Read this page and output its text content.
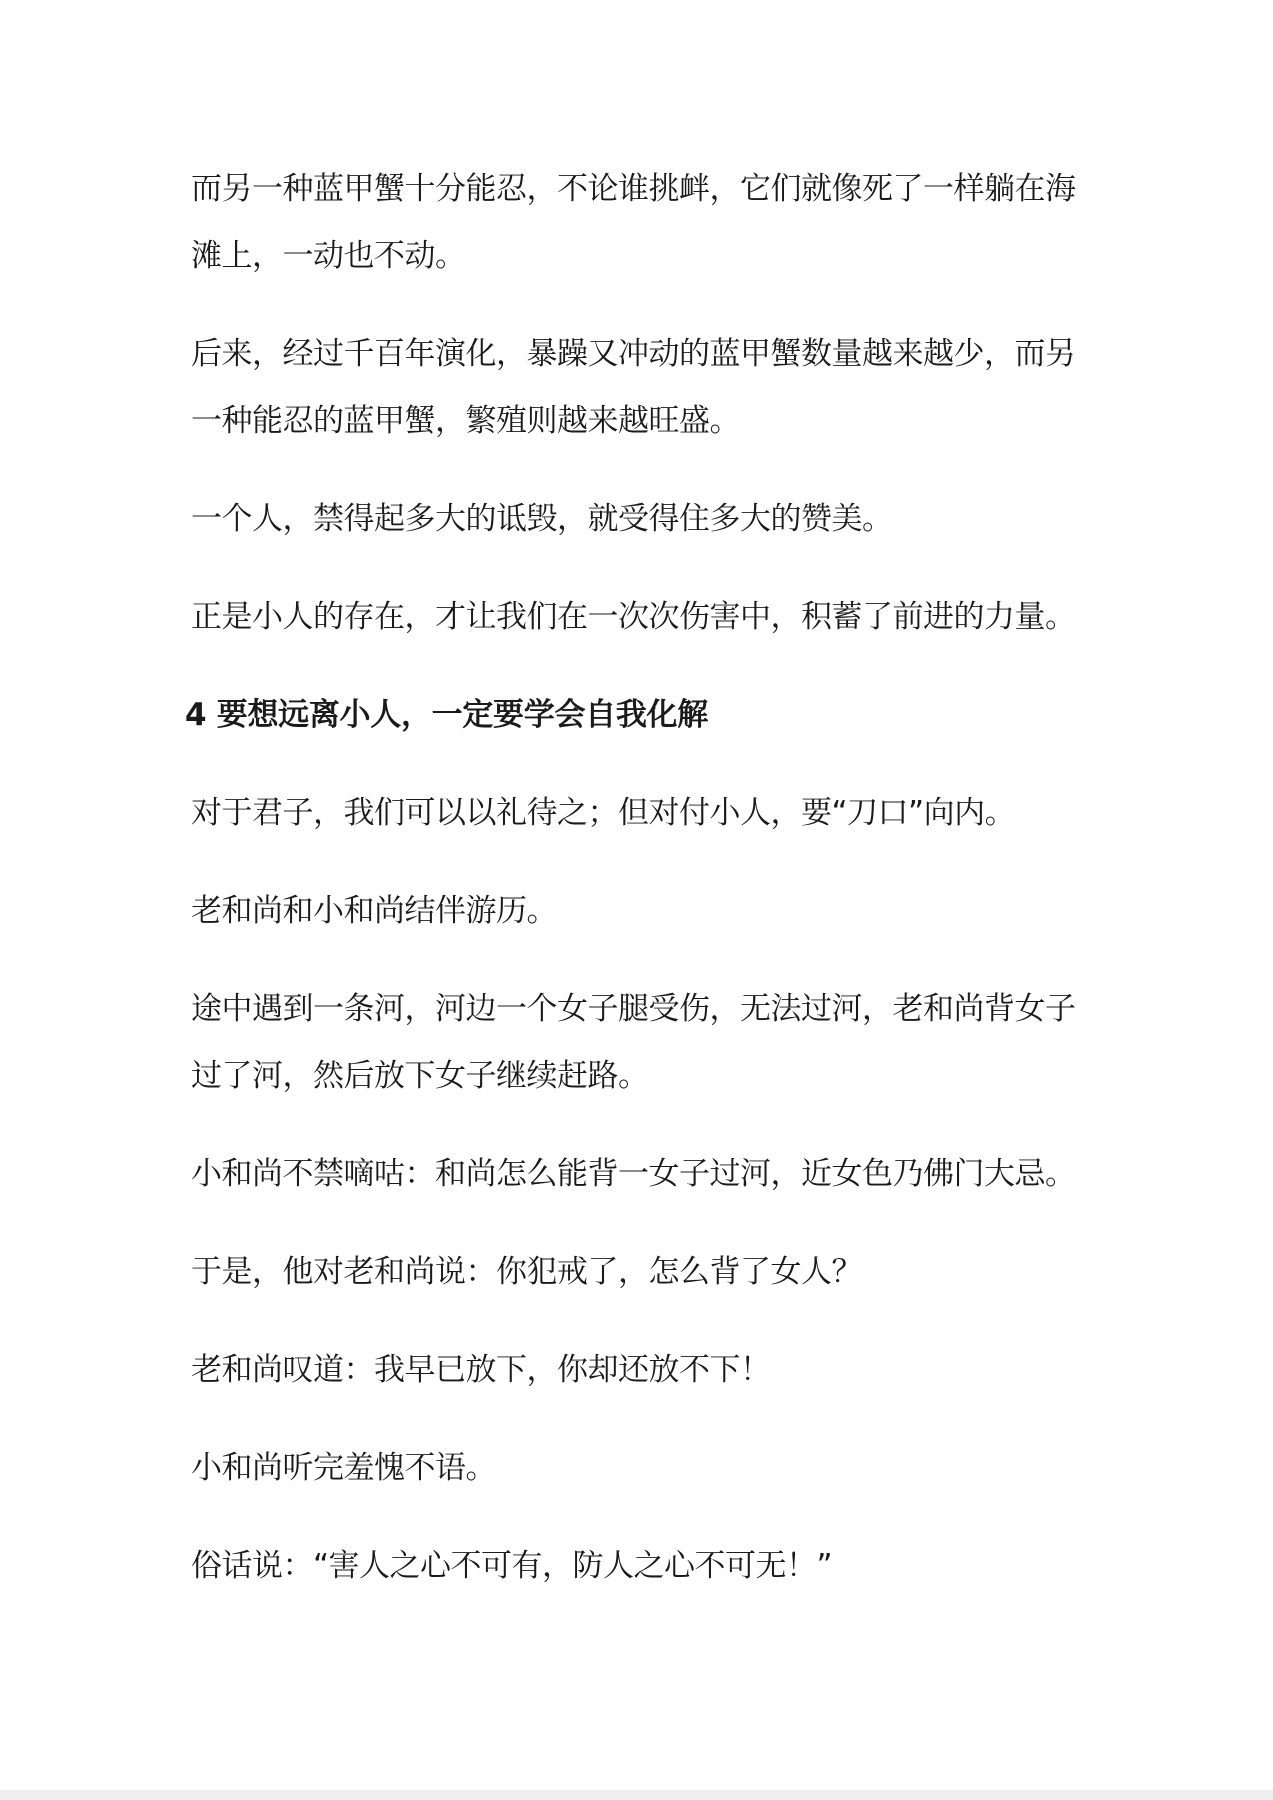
而另一种蓝甲蟹十分能忍，不论谁挑衅，它们就像死了一样躺在海滩上，一动也不动。

后来，经过千百年演化，暴躁又冲动的蓝甲蟹数量越来越少，而另一种能忍的蓝甲蟹，繁殖则越来越旺盛。

一个人，禁得起多大的诋毁，就受得住多大的赞美。

正是小人的存在，才让我们在一次次伤害中，积蓄了前进的力量。

4 要想远离小人，一定要学会自我化解

对于君子，我们可以以礼待之；但对付小人，要“刀口”向内。

老和尚和小和尚结伴游历。

途中遇到一条河，河边一个女子腿受伤，无法过河，老和尚背女子过了河，然后放下女子继续赶路。

小和尚不禁嘀咕：和尚怎么能背一女子过河，近女色乃佛门大忌。

于是，他对老和尚说：你犯戒了，怎么背了女人？

老和尚叹道：我早已放下，你却还放不下！

小和尚听完羞愧不语。

俗话说：“害人之心不可有，防人之心不可无！”
